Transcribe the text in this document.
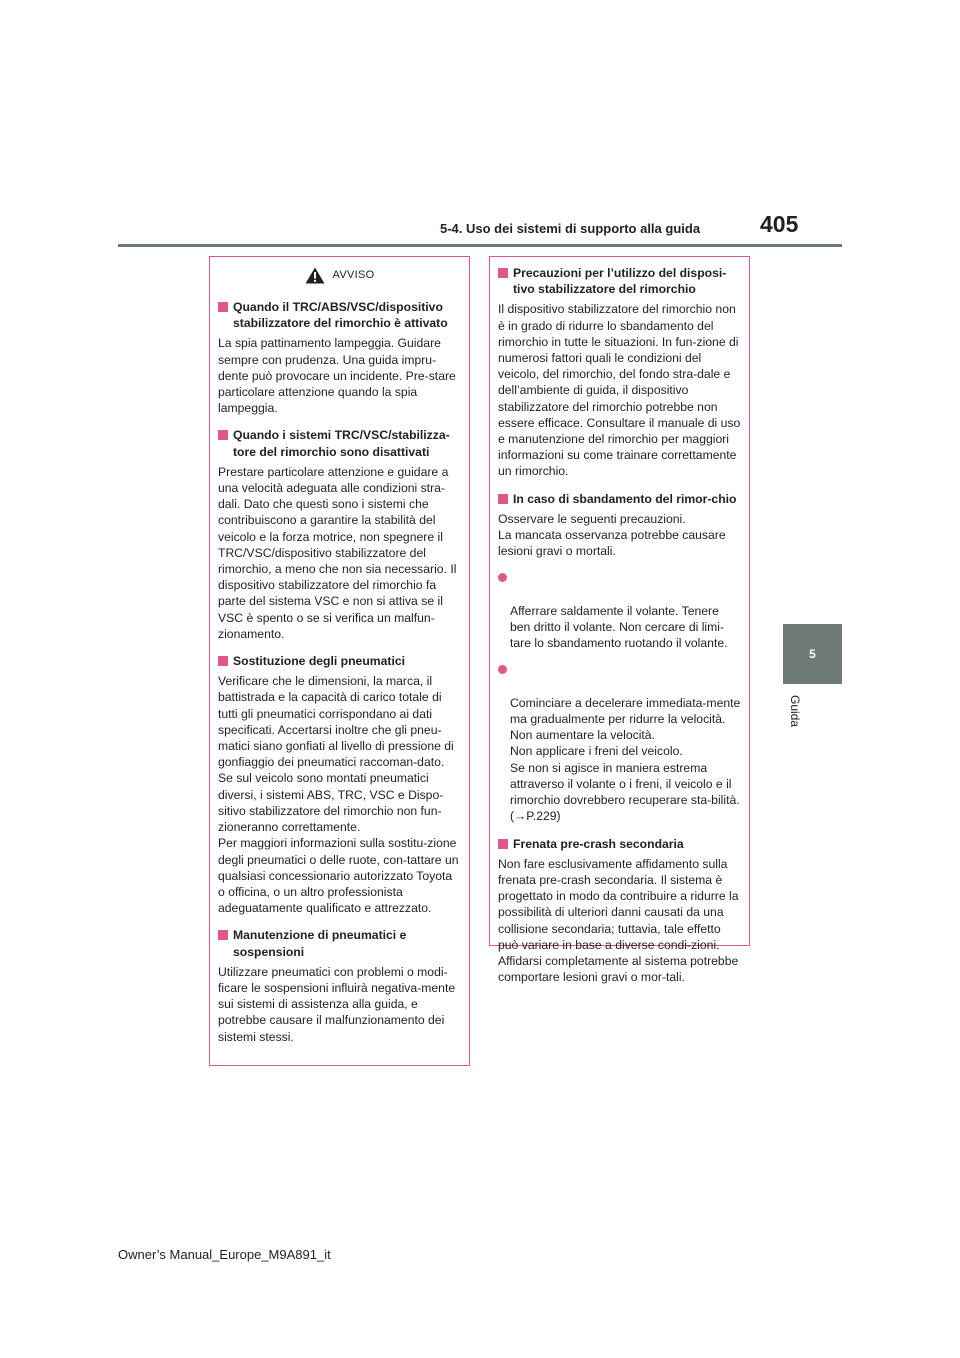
405
5-4. Uso dei sistemi di supporto alla guida
5
Guida
AVVISO
Quando il TRC/ABS/VSC/dispositivo stabilizzatore del rimorchio è attivato
La spia pattinamento lampeggia. Guidare sempre con prudenza. Una guida impru-dente può provocare un incidente. Pre-stare particolare attenzione quando la spia lampeggia.
Quando i sistemi TRC/VSC/stabilizza-tore del rimorchio sono disattivati
Prestare particolare attenzione e guidare a una velocità adeguata alle condizioni stra-dali. Dato che questi sono i sistemi che contribuiscono a garantire la stabilità del veicolo e la forza motrice, non spegnere il TRC/VSC/dispositivo stabilizzatore del rimorchio, a meno che non sia necessario. Il dispositivo stabilizzatore del rimorchio fa parte del sistema VSC e non si attiva se il VSC è spento o se si verifica un malfun-zionamento.
Sostituzione degli pneumatici
Verificare che le dimensioni, la marca, il battistrada e la capacità di carico totale di tutti gli pneumatici corrispondano ai dati specificati. Accertarsi inoltre che gli pneu-matici siano gonfiati al livello di pressione di gonfiaggio dei pneumatici raccoman-dato.
Se sul veicolo sono montati pneumatici diversi, i sistemi ABS, TRC, VSC e Dispo-sitivo stabilizzatore del rimorchio non fun-zioneranno correttamente.
Per maggiori informazioni sulla sostitu-zione degli pneumatici o delle ruote, con-tattare un qualsiasi concessionario autorizzato Toyota o officina, o un altro professionista adeguatamente qualificato e attrezzato.
Manutenzione di pneumatici e sospensioni
Utilizzare pneumatici con problemi o modi-ficare le sospensioni influirà negativa-mente sui sistemi di assistenza alla guida, e potrebbe causare il malfunzionamento dei sistemi stessi.
Precauzioni per l’utilizzo del disposi-tivo stabilizzatore del rimorchio
Il dispositivo stabilizzatore del rimorchio non è in grado di ridurre lo sbandamento del rimorchio in tutte le situazioni. In fun-zione di numerosi fattori quali le condizioni del veicolo, del rimorchio, del fondo stra-dale e dell’ambiente di guida, il dispositivo stabilizzatore del rimorchio potrebbe non essere efficace. Consultare il manuale di uso e manutenzione del rimorchio per maggiori informazioni su come trainare correttamente un rimorchio.
In caso di sbandamento del rimor-chio
Osservare le seguenti precauzioni.
La mancata osservanza potrebbe causare lesioni gravi o mortali.

Afferrare saldamente il volante. Tenere ben dritto il volante. Non cercare di limi-tare lo sbandamento ruotando il volante.

Cominciare a decelerare immediata-mente ma gradualmente per ridurre la velocità. Non aumentare la velocità.
Non applicare i freni del veicolo.
Se non si agisce in maniera estrema attraverso il volante o i freni, il veicolo e il rimorchio dovrebbero recuperare sta-bilità. (→P.229)

Frenata pre-crash secondaria
Non fare esclusivamente affidamento sulla frenata pre-crash secondaria. Il sistema è progettato in modo da contribuire a ridurre la possibilità di ulteriori danni causati da una collisione secondaria; tuttavia, tale effetto può variare in base a diverse condi-zioni. Affidarsi completamente al sistema potrebbe comportare lesioni gravi o mor-tali.
Owner’s Manual_Europe_M9A891_it
